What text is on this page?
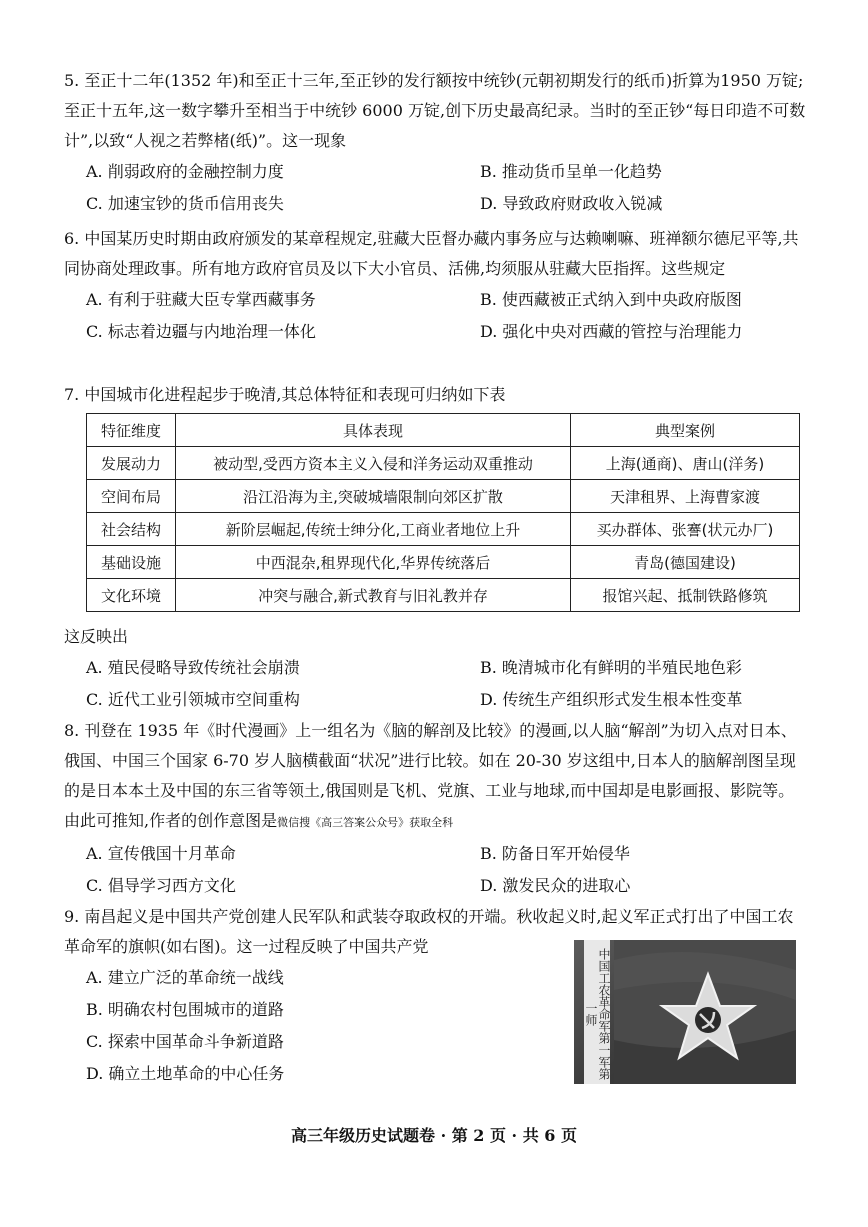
5. 至正十二年(1352 年)和至正十三年,至正钞的发行额按中统钞(元朝初期发行的纸币)折算为1950 万锭;至正十五年,这一数字攀升至相当于中统钞 6000 万锭,创下历史最高纪录。当时的至正钞“每日印造不可数计”,以致“人视之若弊楮(纸)”。这一现象

A. 削弱政府的金融控制力度	B. 推动货币呈单一化趋势
C. 加速宝钞的货币信用丧失	D. 导致政府财政收入锐减

6. 中国某历史时期由政府颁发的某章程规定,驻藏大臣督办藏内事务应与达赖喇嘛、班禅额尔德尼平等,共同协商处理政事。所有地方政府官员及以下大小官员、活佛,均须服从驻藏大臣指挥。这些规定

A. 有利于驻藏大臣专掌西藏事务	B. 使西藏被正式纳入到中央政府版图
C. 标志着边疆与内地治理一体化	D. 强化中央对西藏的管控与治理能力

7. 中国城市化进程起步于晚清,其总体特征和表现可归纳如下表

特征维度	具体表现	典型案例
发展动力	被动型,受西方资本主义入侵和洋务运动双重推动	上海(通商)、唐山(洋务)
空间布局	沿江沿海为主,突破城墙限制向郊区扩散	天津租界、上海曹家渡
社会结构	新阶层崛起,传统士绅分化,工商业者地位上升	买办群体、张謇(状元办厂)
基础设施	中西混杂,租界现代化,华界传统落后	青岛(德国建设)
文化环境	冲突与融合,新式教育与旧礼教并存	报馆兴起、抵制铁路修筑

这反映出

A. 殖民侵略导致传统社会崩溃	B. 晚清城市化有鲜明的半殖民地色彩
C. 近代工业引领城市空间重构	D. 传统生产组织形式发生根本性变革

8. 刊登在 1935 年《时代漫画》上一组名为《脑的解剖及比较》的漫画,以人脑“解剖”为切入点对日本、俄国、中国三个国家 6-70 岁人脑横截面“状况”进行比较。如在 20-30 岁这组中,日本人的脑解剖图呈现的是日本本土及中国的东三省等领土,俄国则是飞机、党旗、工业与地球,而中国却是电影画报、影院等。由此可推知,作者的创作意图是微信搜《高三答案公众号》获取全科

A. 宣传俄国十月革命	B. 防备日军开始侵华
C. 倡导学习西方文化	D. 激发民众的进取心

9. 南昌起义是中国共产党创建人民军队和武装夺取政权的开端。秋收起义时,起义军正式打出了中国工农革命军的旗帜(如右图)。这一过程反映了中国共产党

A. 建立广泛的革命统一战线
B. 明确农村包围城市的道路
C. 探索中国革命斗争新道路
D. 确立土地革命的中心任务	中国工农革命军第一军第一师
高三年级历史试题卷 · 第 2 页 · 共 6 页
